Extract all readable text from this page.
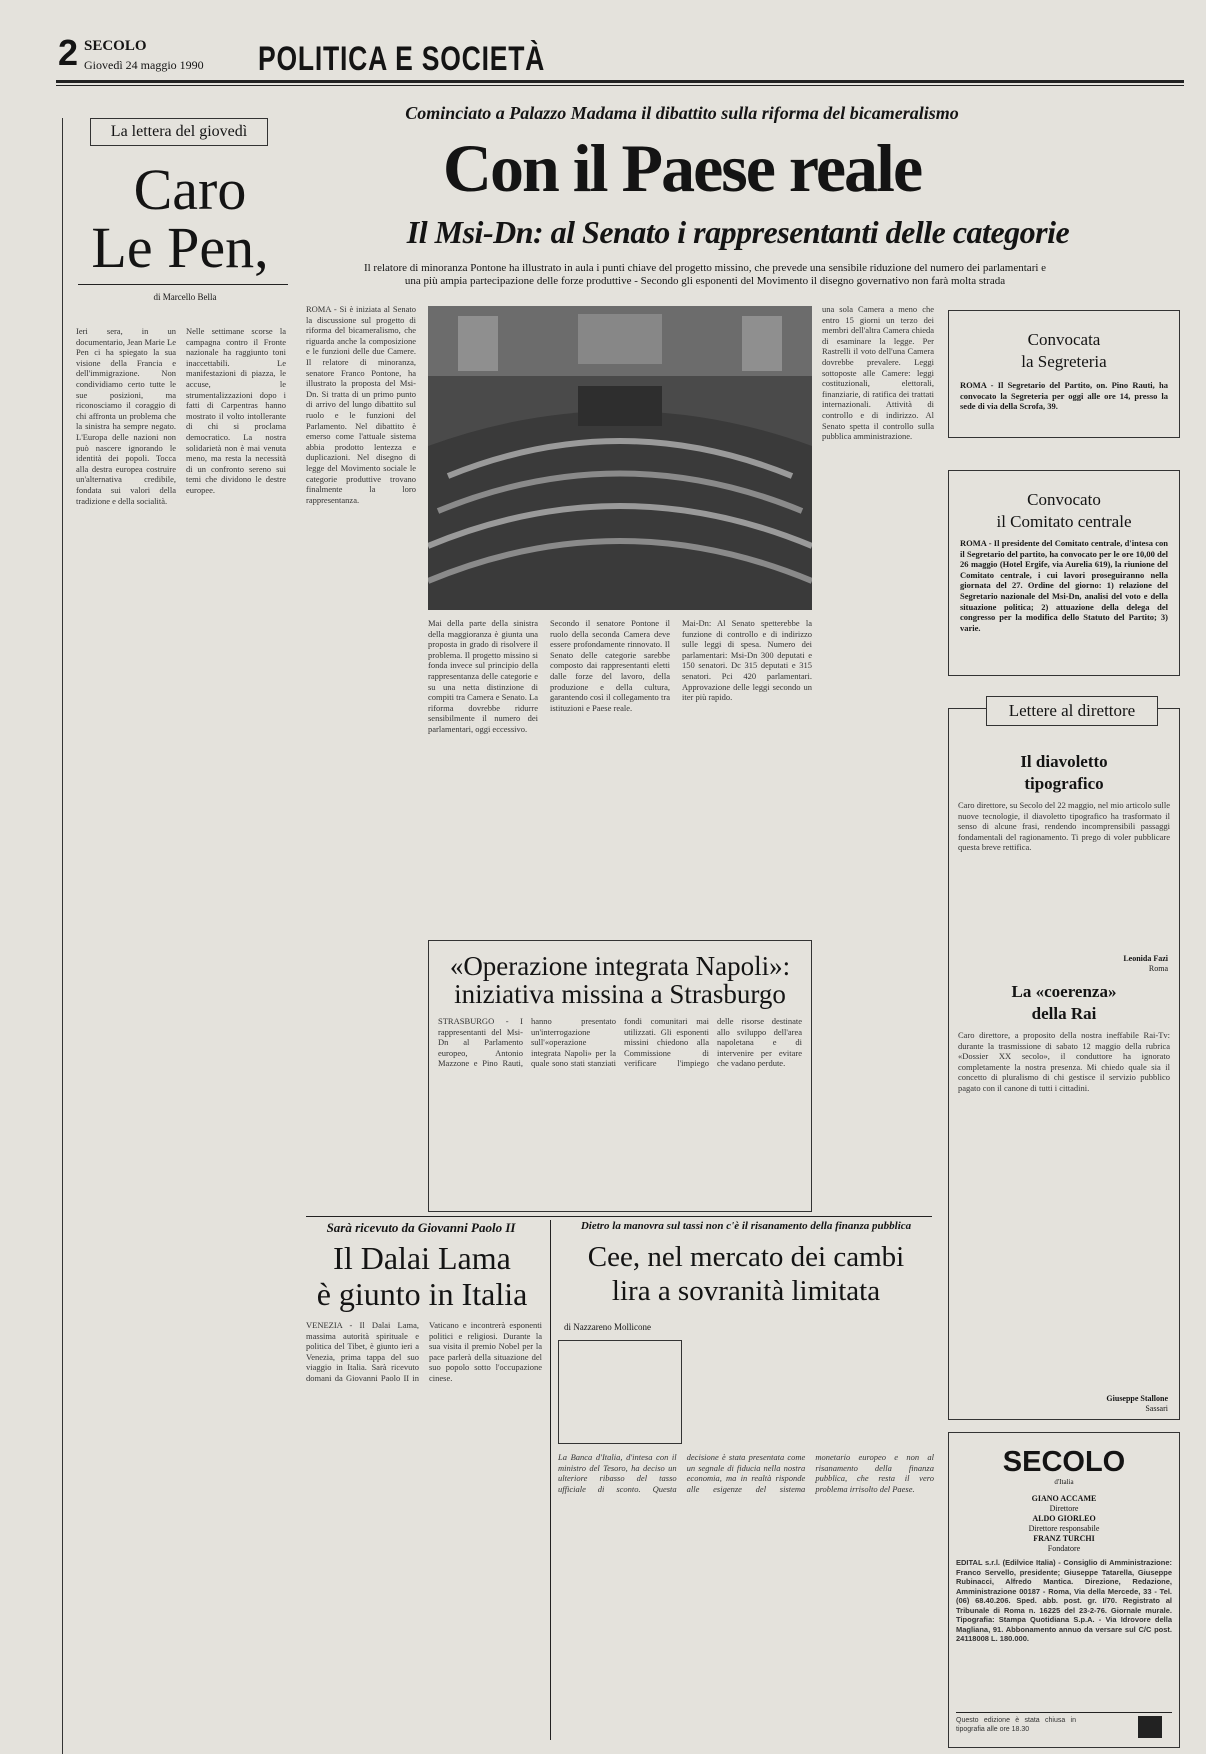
2 SECOLO
Giovedì 24 maggio 1990 POLITICA E SOCIETÀ
La lettera del giovedì
Caro
Le Pen,
di Marcello Bella
Ieri sera, in un documentario, Jean Marie Le Pen ci ha spiegato la sua visione della Francia e dell'immigrazione. Non condividiamo certo tutte le sue posizioni, ma riconosciamo il coraggio di chi affronta un problema che la sinistra ha sempre negato. L'Europa delle nazioni non può nascere ignorando le identità dei popoli. Tocca alla destra europea costruire un'alternativa credibile, fondata sui valori della tradizione e della socialità.
Nelle settimane scorse la campagna contro il Fronte nazionale ha raggiunto toni inaccettabili. Le manifestazioni di piazza, le accuse, le strumentalizzazioni dopo i fatti di Carpentras hanno mostrato il volto intollerante di chi si proclama democratico. La nostra solidarietà non è mai venuta meno, ma resta la necessità di un confronto sereno sui temi che dividono le destre europee.
Cominciato a Palazzo Madama il dibattito sulla riforma del bicameralismo
Con il Paese reale
Il Msi-Dn: al Senato i rappresentanti delle categorie
Il relatore di minoranza Pontone ha illustrato in aula i punti chiave del progetto missino, che prevede una sensibile riduzione del numero dei parlamentari e una più ampia partecipazione delle forze produttive - Secondo gli esponenti del Movimento il disegno governativo non farà molta strada
ROMA - Si è iniziata al Senato la discussione sul progetto di riforma del bicameralismo, che riguarda anche la composizione e le funzioni delle due Camere. Il relatore di minoranza, senatore Franco Pontone, ha illustrato la proposta del Msi-Dn. Si tratta di un primo punto di arrivo del lungo dibattito sul ruolo e le funzioni del Parlamento. Nel dibattito è emerso come l'attuale sistema abbia prodotto lentezza e duplicazioni. Nel disegno di legge del Movimento sociale le categorie produttive trovano finalmente la loro rappresentanza.
Mai della parte della sinistra della maggioranza è giunta una proposta in grado di risolvere il problema. Il progetto missino si fonda invece sul principio della rappresentanza delle categorie e su una netta distinzione di compiti tra Camera e Senato. La riforma dovrebbe ridurre sensibilmente il numero dei parlamentari, oggi eccessivo.
Secondo il senatore Pontone il ruolo della seconda Camera deve essere profondamente rinnovato. Il Senato delle categorie sarebbe composto dai rappresentanti eletti dalle forze del lavoro, della produzione e della cultura, garantendo così il collegamento tra istituzioni e Paese reale.
Mai-Dn: Al Senato spetterebbe la funzione di controllo e di indirizzo sulle leggi di spesa. Numero dei parlamentari: Msi-Dn 300 deputati e 150 senatori. Dc 315 deputati e 315 senatori. Pci 420 parlamentari. Approvazione delle leggi secondo un iter più rapido.
una sola Camera a meno che entro 15 giorni un terzo dei membri dell'altra Camera chieda di esaminare la legge. Per Rastrelli il voto dell'una Camera dovrebbe prevalere. Leggi sottoposte alle Camere: leggi costituzionali, elettorali, finanziarie, di ratifica dei trattati internazionali. Attività di controllo e di indirizzo. Al Senato spetta il controllo sulla pubblica amministrazione.
«Operazione integrata Napoli»:
iniziativa missina a Strasburgo
STRASBURGO - I rappresentanti del Msi-Dn al Parlamento europeo, Antonio Mazzone e Pino Rauti, hanno presentato un'interrogazione sull'«operazione integrata Napoli» per la quale sono stati stanziati fondi comunitari mai utilizzati. Gli esponenti missini chiedono alla Commissione di verificare l'impiego delle risorse destinate allo sviluppo dell'area napoletana e di intervenire per evitare che vadano perdute.
Convocata
la Segreteria
ROMA - Il Segretario del Partito, on. Pino Rauti, ha convocato la Segreteria per oggi alle ore 14, presso la sede di via della Scrofa, 39.
Convocato
il Comitato centrale
ROMA - Il presidente del Comitato centrale, d'intesa con il Segretario del partito, ha convocato per le ore 10,00 del 26 maggio (Hotel Ergife, via Aurelia 619), la riunione del Comitato centrale, i cui lavori proseguiranno nella giornata del 27. Ordine del giorno: 1) relazione del Segretario nazionale del Msi-Dn, analisi del voto e della situazione politica; 2) attuazione della delega del congresso per la modifica dello Statuto del Partito; 3) varie.
Lettere al direttore
Il diavoletto
tipografico
Caro direttore, su Secolo del 22 maggio, nel mio articolo sulle nuove tecnologie, il diavoletto tipografico ha trasformato il senso di alcune frasi, rendendo incomprensibili passaggi fondamentali del ragionamento. Ti prego di voler pubblicare questa breve rettifica.
Leonida Fazi
Roma
La «coerenza»
della Rai
Caro direttore, a proposito della nostra ineffabile Rai-Tv: durante la trasmissione di sabato 12 maggio della rubrica «Dossier XX secolo», il conduttore ha ignorato completamente la nostra presenza. Mi chiedo quale sia il concetto di pluralismo di chi gestisce il servizio pubblico pagato con il canone di tutti i cittadini.
Giuseppe Stallone
Sassari
Sarà ricevuto da Giovanni Paolo II
Il Dalai Lama
è giunto in Italia
VENEZIA - Il Dalai Lama, massima autorità spirituale e politica del Tibet, è giunto ieri a Venezia, prima tappa del suo viaggio in Italia. Sarà ricevuto domani da Giovanni Paolo II in Vaticano e incontrerà esponenti politici e religiosi. Durante la sua visita il premio Nobel per la pace parlerà della situazione del suo popolo sotto l'occupazione cinese.
Dietro la manovra sul tassi non c'è il risanamento della finanza pubblica
Cee, nel mercato dei cambi
lira a sovranità limitata
di Nazzareno Mollicone
La Banca d'Italia, d'intesa con il ministro del Tesoro, ha deciso un ulteriore ribasso del tasso ufficiale di sconto. Questa decisione è stata presentata come un segnale di fiducia nella nostra economia, ma in realtà risponde alle esigenze del sistema monetario europeo e non al risanamento della finanza pubblica, che resta il vero problema irrisolto del Paese.
SECOLO
d'Italia
GIANO ACCAME
Direttore
ALDO GIORLEO
Direttore responsabile
FRANZ TURCHI
Fondatore
EDITAL s.r.l. (Edilvice Italia) - Consiglio di Amministrazione: Franco Servello, presidente; Giuseppe Tatarella, Giuseppe Rubinacci, Alfredo Mantica. Direzione, Redazione, Amministrazione 00187 - Roma, Via della Mercede, 33 - Tel. (06) 68.40.206. Sped. abb. post. gr. I/70. Registrato al Tribunale di Roma n. 16225 del 23-2-76. Giornale murale. Tipografia: Stampa Quotidiana S.p.A. - Via Idrovore della Magliana, 91. Abbonamento annuo da versare sul C/C post. 24118008 L. 180.000.
Questo edizione è stata chiusa in tipografia alle ore 18.30
